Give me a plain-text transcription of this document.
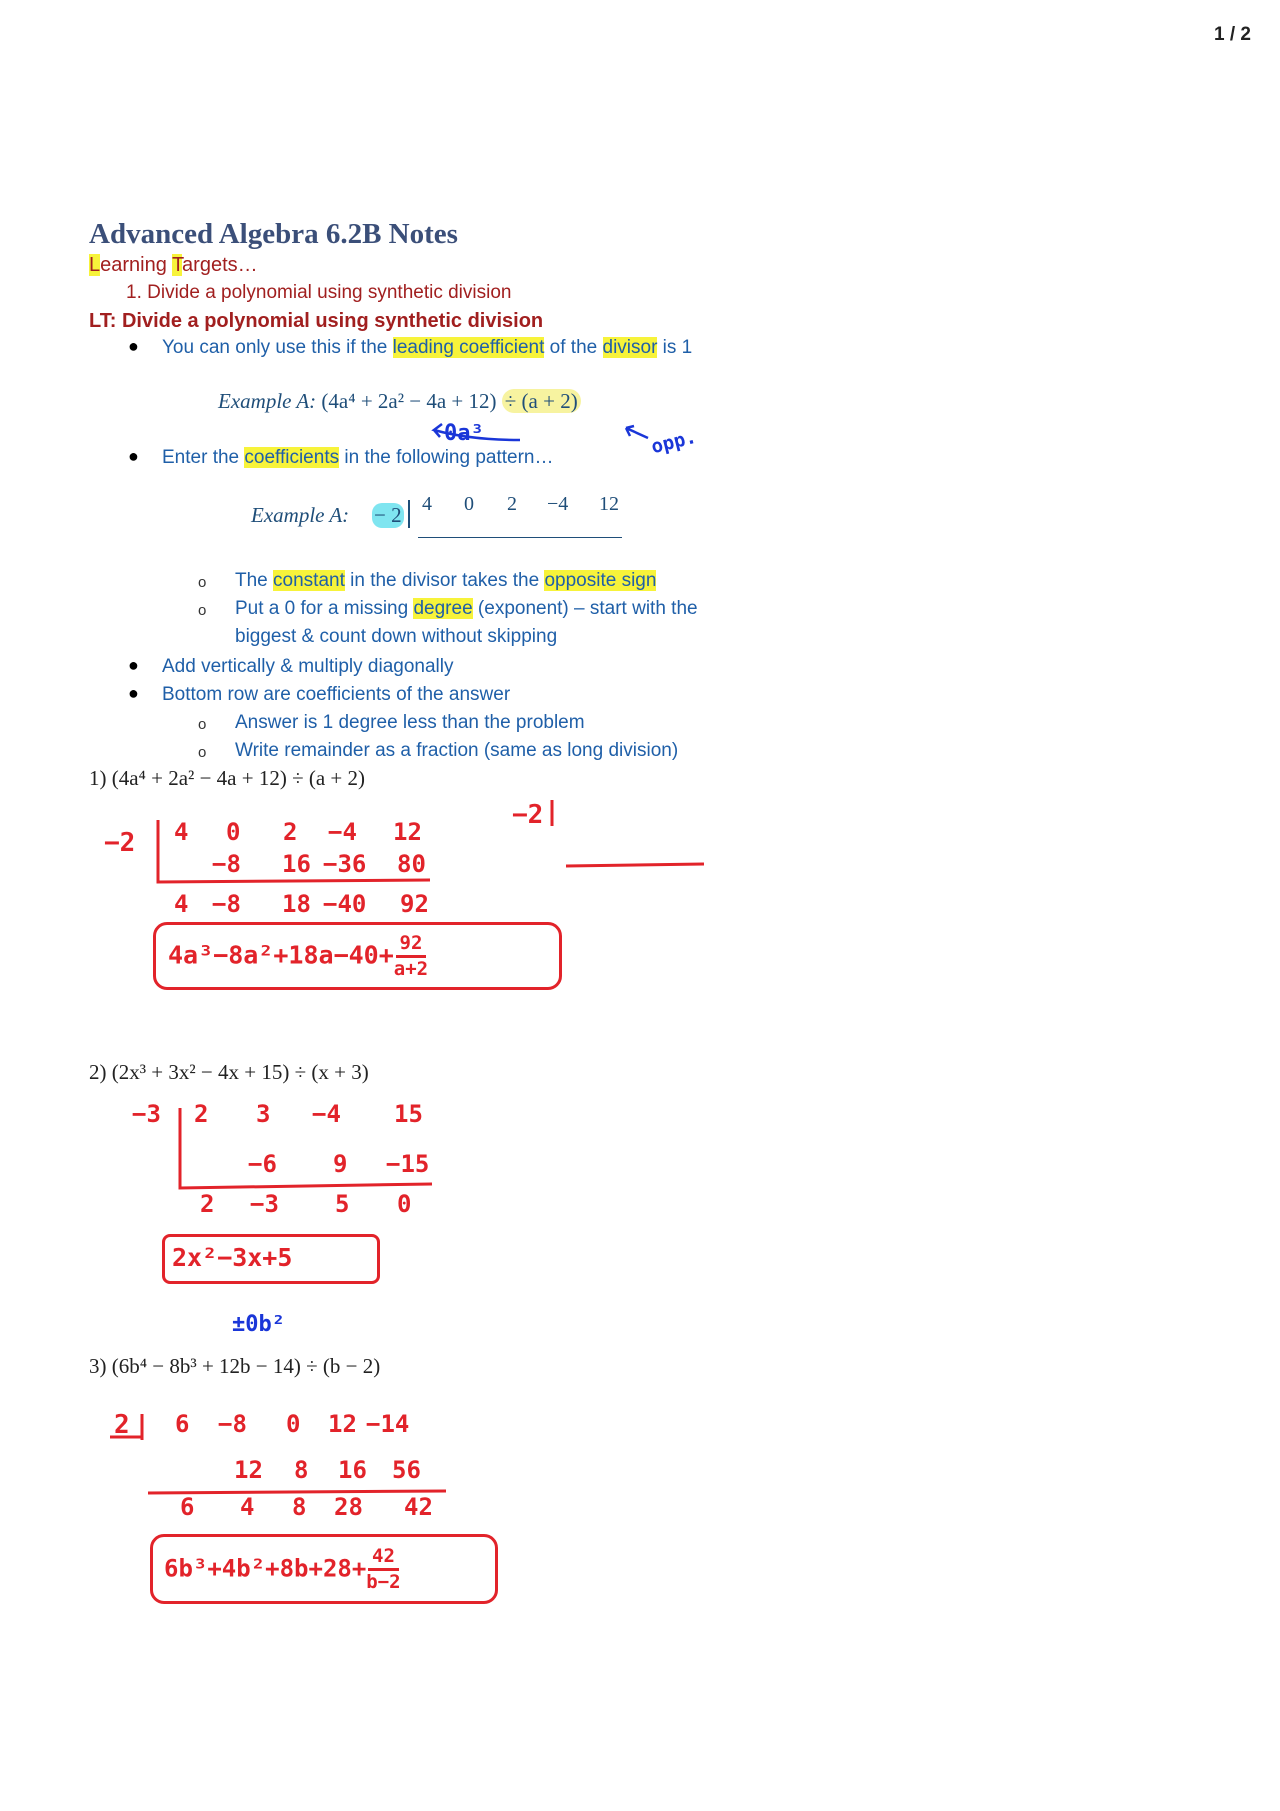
1 / 2
Advanced Algebra 6.2B Notes
Learning Targets…
1. Divide a polynomial using synthetic division
LT: Divide a polynomial using synthetic division
● You can only use this if the leading coefficient of the divisor is 1
Example A: (4a⁴ + 2a² − 4a + 12) ÷ (a + 2)
0a³	opp.
● Enter the coefficients in the following pattern…
Example A: − 2 4 0 2 −4 12
o The constant in the divisor takes the opposite sign
o Put a 0 for a missing degree (exponent) – start with the
biggest & count down without skipping
● Add vertically & multiply diagonally
● Bottom row are coefficients of the answer
o Answer is 1 degree less than the problem
o Write remainder as a fraction (same as long division)
1) (4a⁴ + 2a² − 4a + 12) ÷ (a + 2)
−2 4 0 2 −4 12
−8 16 −36 80
4 −8 18 −40 92
−2
$4a^3-8a^2+18a-40+ \frac{92}{a+2}$
2) (2x³ + 3x² − 4x + 15) ÷ (x + 3)
−3 2 3 −4 15
−6 9 −15
2 −3 5 0
2x²−3x+5
±0b²
3) (6b⁴ − 8b³ + 12b − 14) ÷ (b − 2)
2 6 −8 0 12 −14
12 8 16 56
6 4 8 28 42
$6b^3+4b^2+8b+28+ \frac{42}{b-2}$
